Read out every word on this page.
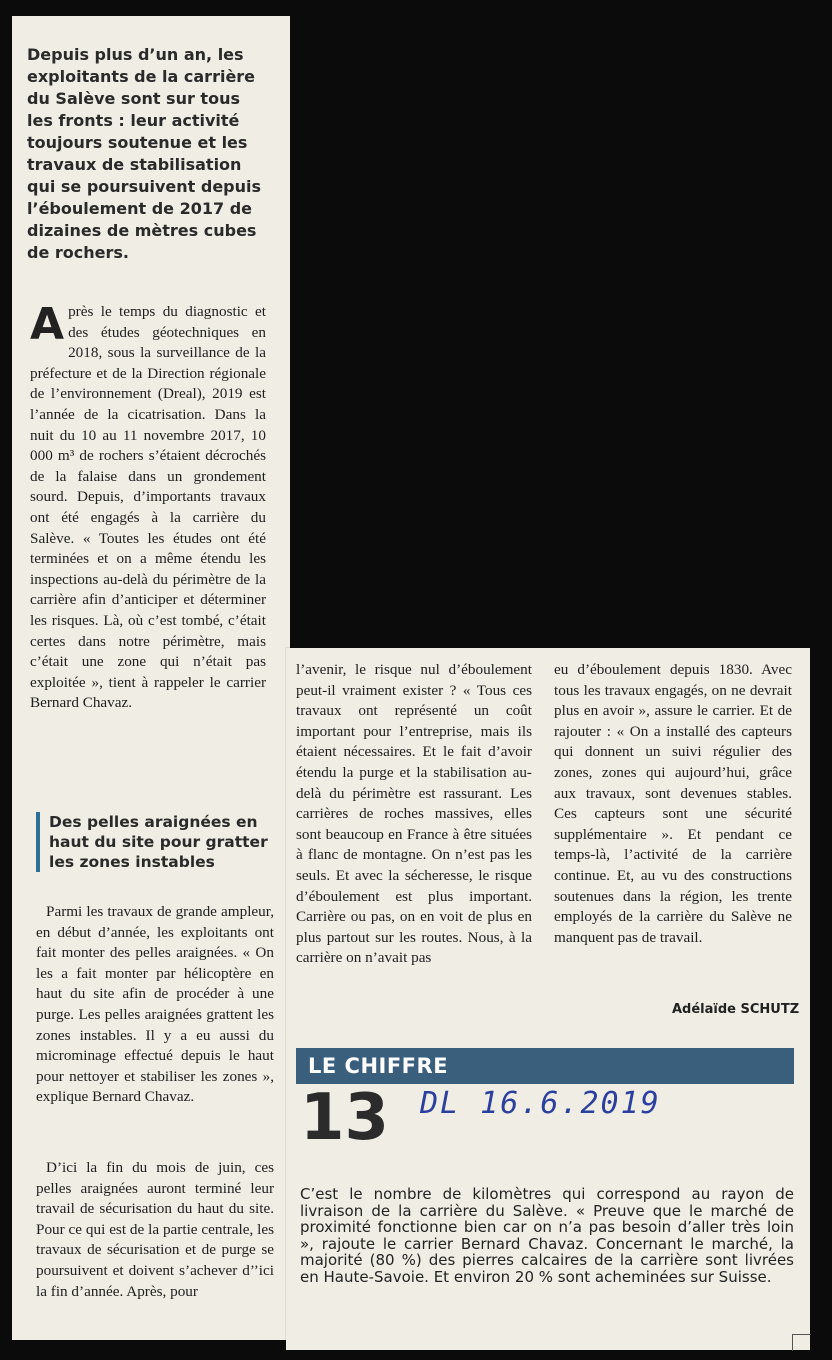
Depuis plus d’un an, les exploitants de la carrière du Salève sont sur tous les fronts : leur activité toujours soutenue et les travaux de stabilisation qui se poursuivent depuis l’éboulement de 2017 de dizaines de mètres cubes de rochers.

Après le temps du diagnostic et des études géotechniques en 2018, sous la surveillance de la préfecture et de la Direction régionale de l’environnement (Dreal), 2019 est l’année de la cicatrisation. Dans la nuit du 10 au 11 novembre 2017, 10 000 m³ de rochers s’étaient décrochés de la falaise dans un grondement sourd. Depuis, d’importants travaux ont été engagés à la carrière du Salève. « Toutes les études ont été terminées et on a même étendu les inspections au-delà du périmètre de la carrière afin d’anticiper et déterminer les risques. Là, où c’est tombé, c’était certes dans notre périmètre, mais c’était une zone qui n’était pas exploitée », tient à rappeler le carrier Bernard Chavaz.

Des pelles araignées en haut du site pour gratter les zones instables

Parmi les travaux de grande ampleur, en début d’année, les exploitants ont fait monter des pelles araignées. « On les a fait monter par hélicoptère en haut du site afin de procéder à une purge. Les pelles araignées grattent les zones instables. Il y a eu aussi du microminage effectué depuis le haut pour nettoyer et stabiliser les zones », explique Bernard Chavaz.

D’ici la fin du mois de juin, ces pelles araignées auront terminé leur travail de sécurisation du haut du site. Pour ce qui est de la partie centrale, les travaux de sécurisation et de purge se poursuivent et doivent s’achever d’’ici la fin d’année. Après, pour

l’avenir, le risque nul d’éboulement peut-il vraiment exister ? « Tous ces travaux ont représenté un coût important pour l’entreprise, mais ils étaient nécessaires. Et le fait d’avoir étendu la purge et la stabilisation au-delà du périmètre est rassurant. Les carrières de roches massives, elles sont beaucoup en France à être situées à flanc de montagne. On n’est pas les seuls. Et avec la sécheresse, le risque d’éboulement est plus important. Carrière ou pas, on en voit de plus en plus partout sur les routes. Nous, à la carrière on n’avait pas

eu d’éboulement depuis 1830. Avec tous les travaux engagés, on ne devrait plus en avoir », assure le carrier. Et de rajouter : « On a installé des capteurs qui donnent un suivi régulier des zones, zones qui aujourd’hui, grâce aux travaux, sont devenues stables. Ces capteurs sont une sécurité supplémentaire ». Et pendant ce temps-là, l’activité de la carrière continue. Et, au vu des constructions soutenues dans la région, les trente employés de la carrière du Salève ne manquent pas de travail.

Adélaïde SCHUTZ
LE CHIFFRE
13 DL 16.6.2019

C’est le nombre de kilomètres qui correspond au rayon de livraison de la carrière du Salève. « Preuve que le marché de proximité fonctionne bien car on n’a pas besoin d’aller très loin », rajoute le carrier Bernard Chavaz. Concernant le marché, la majorité (80 %) des pierres calcaires de la carrière sont livrées en Haute-Savoie. Et environ 20 % sont acheminées sur Suisse.
